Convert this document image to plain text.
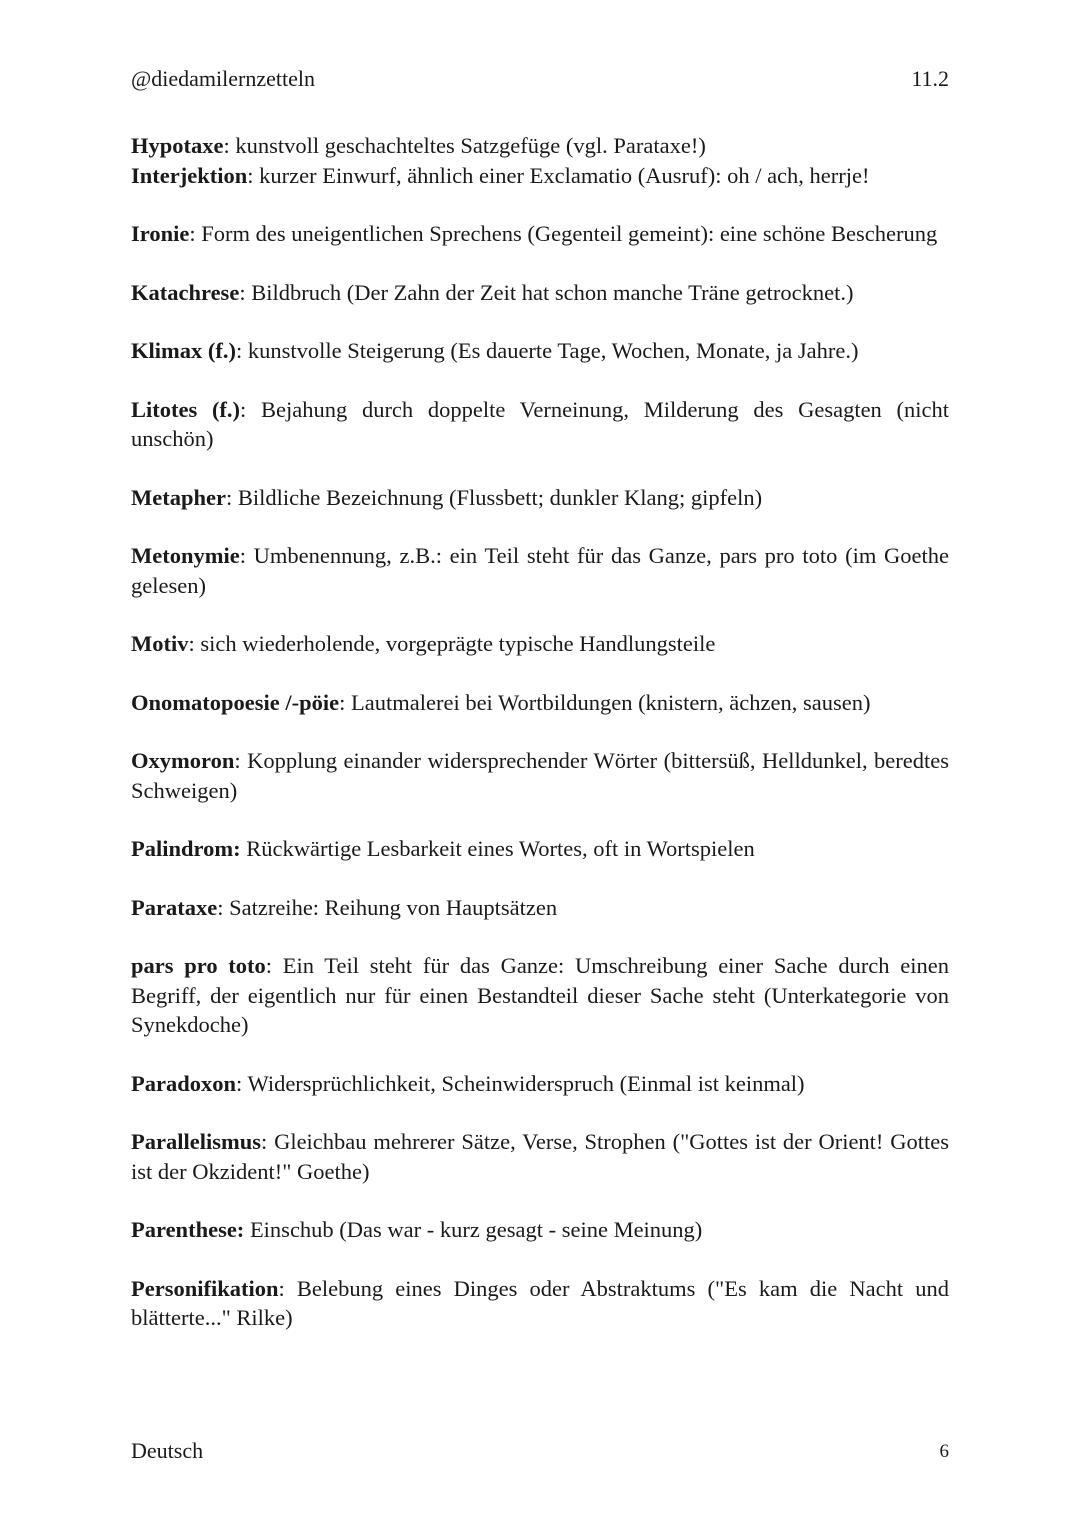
@diedamilernzetteln	11.2

Hypotaxe: kunstvoll geschachteltes Satzgefüge (vgl. Parataxe!)

Interjektion: kurzer Einwurf, ähnlich einer Exclamatio (Ausruf): oh / ach, herrje!

Ironie: Form des uneigentlichen Sprechens (Gegenteil gemeint): eine schöne Bescherung

Katachrese: Bildbruch (Der Zahn der Zeit hat schon manche Träne getrocknet.)

Klimax (f.): kunstvolle Steigerung (Es dauerte Tage, Wochen, Monate, ja Jahre.)

Litotes (f.): Bejahung durch doppelte Verneinung, Milderung des Gesagten (nicht unschön)

Metapher: Bildliche Bezeichnung (Flussbett; dunkler Klang; gipfeln)

Metonymie: Umbenennung, z.B.: ein Teil steht für das Ganze, pars pro toto (im Goethe gelesen)

Motiv: sich wiederholende, vorgeprägte typische Handlungsteile

Onomatopoesie /-pöie: Lautmalerei bei Wortbildungen (knistern, ächzen, sausen)

Oxymoron: Kopplung einander widersprechender Wörter (bittersüß, Helldunkel, beredtes Schweigen)

Palindrom: Rückwärtige Lesbarkeit eines Wortes, oft in Wortspielen

Parataxe: Satzreihe: Reihung von Hauptsätzen

pars pro toto: Ein Teil steht für das Ganze: Umschreibung einer Sache durch einen Begriff, der eigentlich nur für einen Bestandteil dieser Sache steht (Unterkategorie von Synekdoche)

Paradoxon: Widersprüchlichkeit, Scheinwiderspruch (Einmal ist keinmal)

Parallelismus: Gleichbau mehrerer Sätze, Verse, Strophen ("Gottes ist der Orient! Gottes ist der Okzident!" Goethe)

Parenthese: Einschub (Das war - kurz gesagt - seine Meinung)

Personifikation: Belebung eines Dinges oder Abstraktums ("Es kam die Nacht und blätterte..." Rilke)

Deutsch	6
